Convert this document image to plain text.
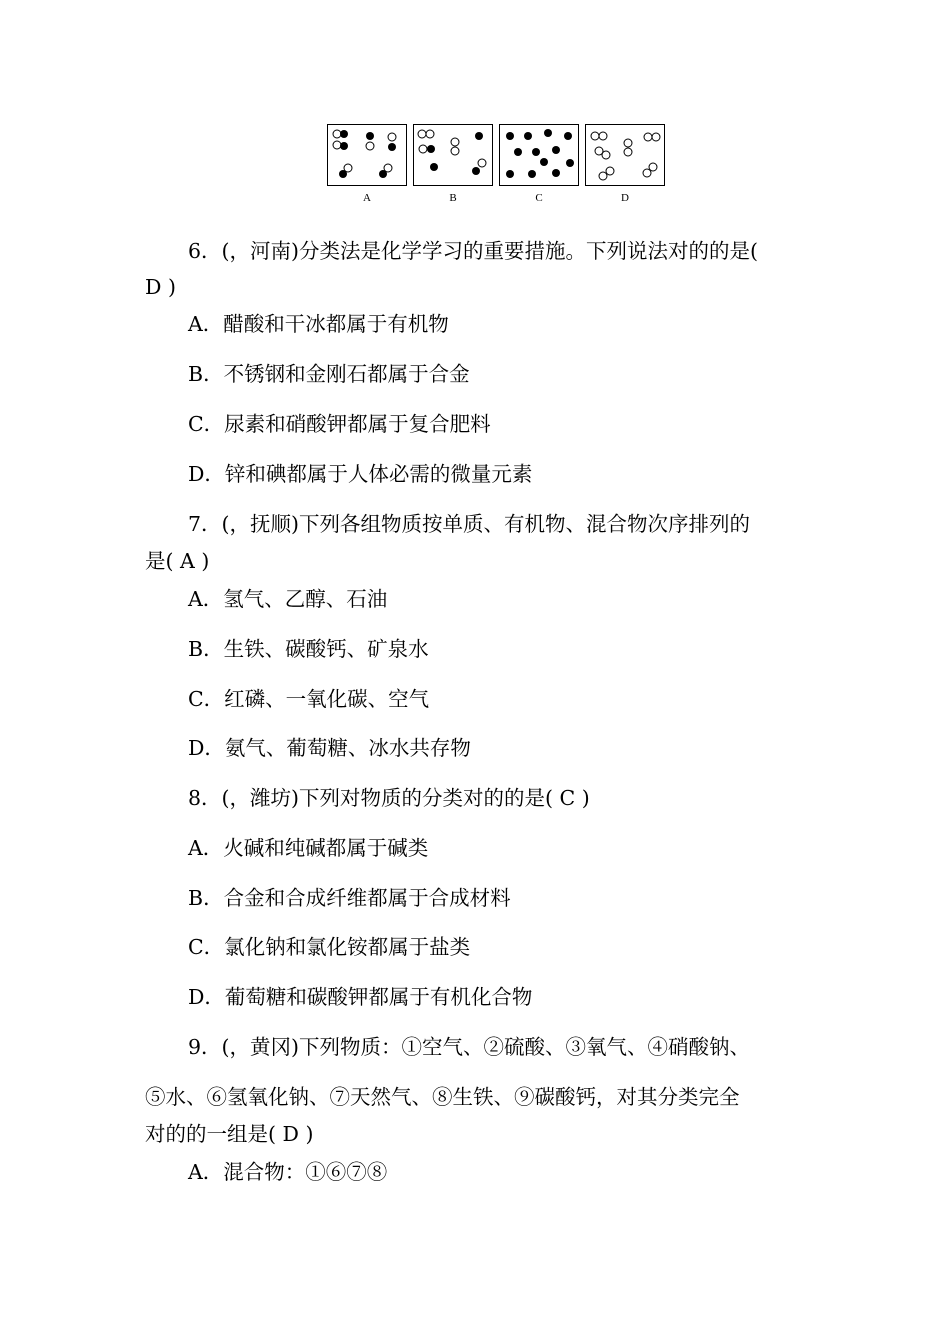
A	B	C	D
6．(，河南)分类法是化学学习的重要措施。下列说法对的的是(
D )
A．醋酸和干冰都属于有机物
B．不锈钢和金刚石都属于合金
C．尿素和硝酸钾都属于复合肥料
D．锌和碘都属于人体必需的微量元素
7．(，抚顺)下列各组物质按单质、有机物、混合物次序排列的
是( A )
A．氢气、乙醇、石油
B．生铁、碳酸钙、矿泉水
C．红磷、一氧化碳、空气
D．氨气、葡萄糖、冰水共存物
8．(，潍坊)下列对物质的分类对的的是( C )
A．火碱和纯碱都属于碱类
B．合金和合成纤维都属于合成材料
C．氯化钠和氯化铵都属于盐类
D．葡萄糖和碳酸钾都属于有机化合物
9．(，黄冈)下列物质：①空气、②硫酸、③氧气、④硝酸钠、
⑤水、⑥氢氧化钠、⑦天然气、⑧生铁、⑨碳酸钙，对其分类完全
对的的一组是( D )
A．混合物：①⑥⑦⑧
